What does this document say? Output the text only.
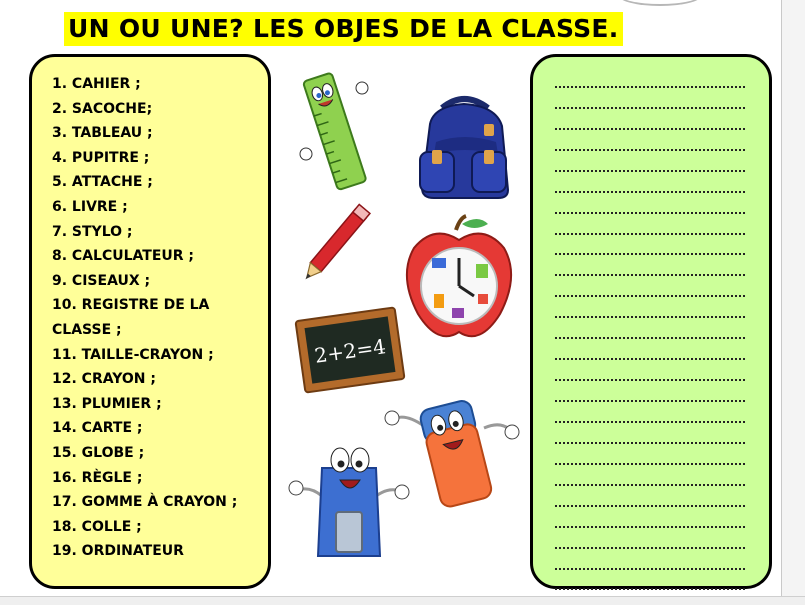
UN OU UNE? LES OBJES DE LA CLASSE.
1. CAHIER ;
2. SACOCHE;
3. TABLEAU ;
4. PUPITRE ;
5. ATTACHE ;
6. LIVRE ;
7. STYLO ;
8. CALCULATEUR ;
9. CISEAUX ;
10. REGISTRE DE LA CLASSE ;
11. TAILLE-CRAYON ;
12. CRAYON ;
13. PLUMIER ;
14. CARTE ;
15. GLOBE ;
16. RÈGLE ;
17. GOMME À CRAYON ;
18. COLLE ;
19. ORDINATEUR
2+2=4
